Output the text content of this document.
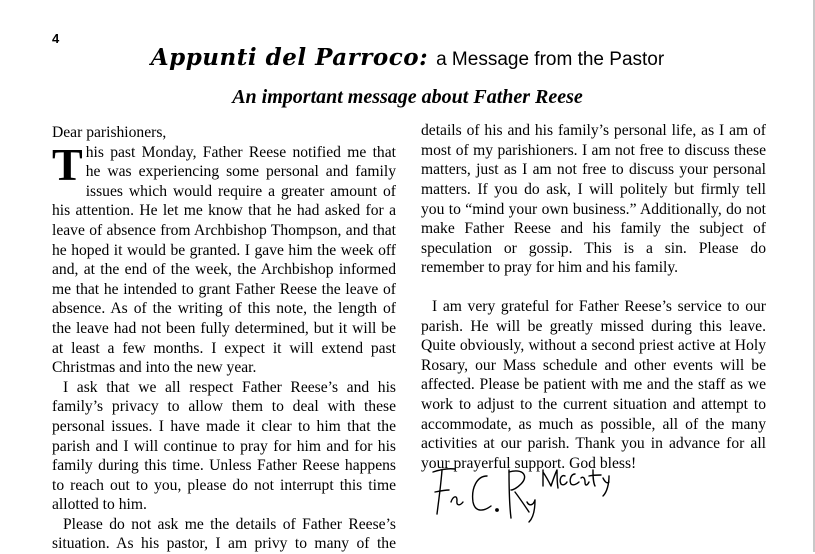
4
Appunti del Parroco: a Message from the Pastor
An important message about Father Reese

Dear parishioners,

This past Monday, Father Reese notified me that he was experiencing some personal and family issues which would require a greater amount of his attention. He let me know that he had asked for a leave of absence from Archbishop Thompson, and that he hoped it would be granted. I gave him the week off and, at the end of the week, the Archbishop informed me that he intended to grant Father Reese the leave of absence. As of the writing of this note, the length of the leave had not been fully determined, but it will be at least a few months. I expect it will extend past Christmas and into the new year.

I ask that we all respect Father Reese’s and his family’s privacy to allow them to deal with these personal issues. I have made it clear to him that the parish and I will continue to pray for him and for his family during this time. Unless Father Reese happens to reach out to you, please do not interrupt this time allotted to him.

Please do not ask me the details of Father Reese’s situation. As his pastor, I am privy to many of the

details of his and his family’s personal life, as I am of most of my parishioners. I am not free to discuss these matters, just as I am not free to discuss your personal matters. If you do ask, I will politely but firmly tell you to “mind your own business.” Additionally, do not make Father Reese and his family the subject of speculation or gossip. This is a sin. Please do remember to pray for him and his family.

I am very grateful for Father Reese’s service to our parish. He will be greatly missed during this leave. Quite obviously, without a second priest active at Holy Rosary, our Mass schedule and other events will be affected. Please be patient with me and the staff as we work to adjust to the current situation and attempt to accommodate, as much as possible, all of the many activities at our parish. Thank you in advance for all your prayerful support. God bless!
